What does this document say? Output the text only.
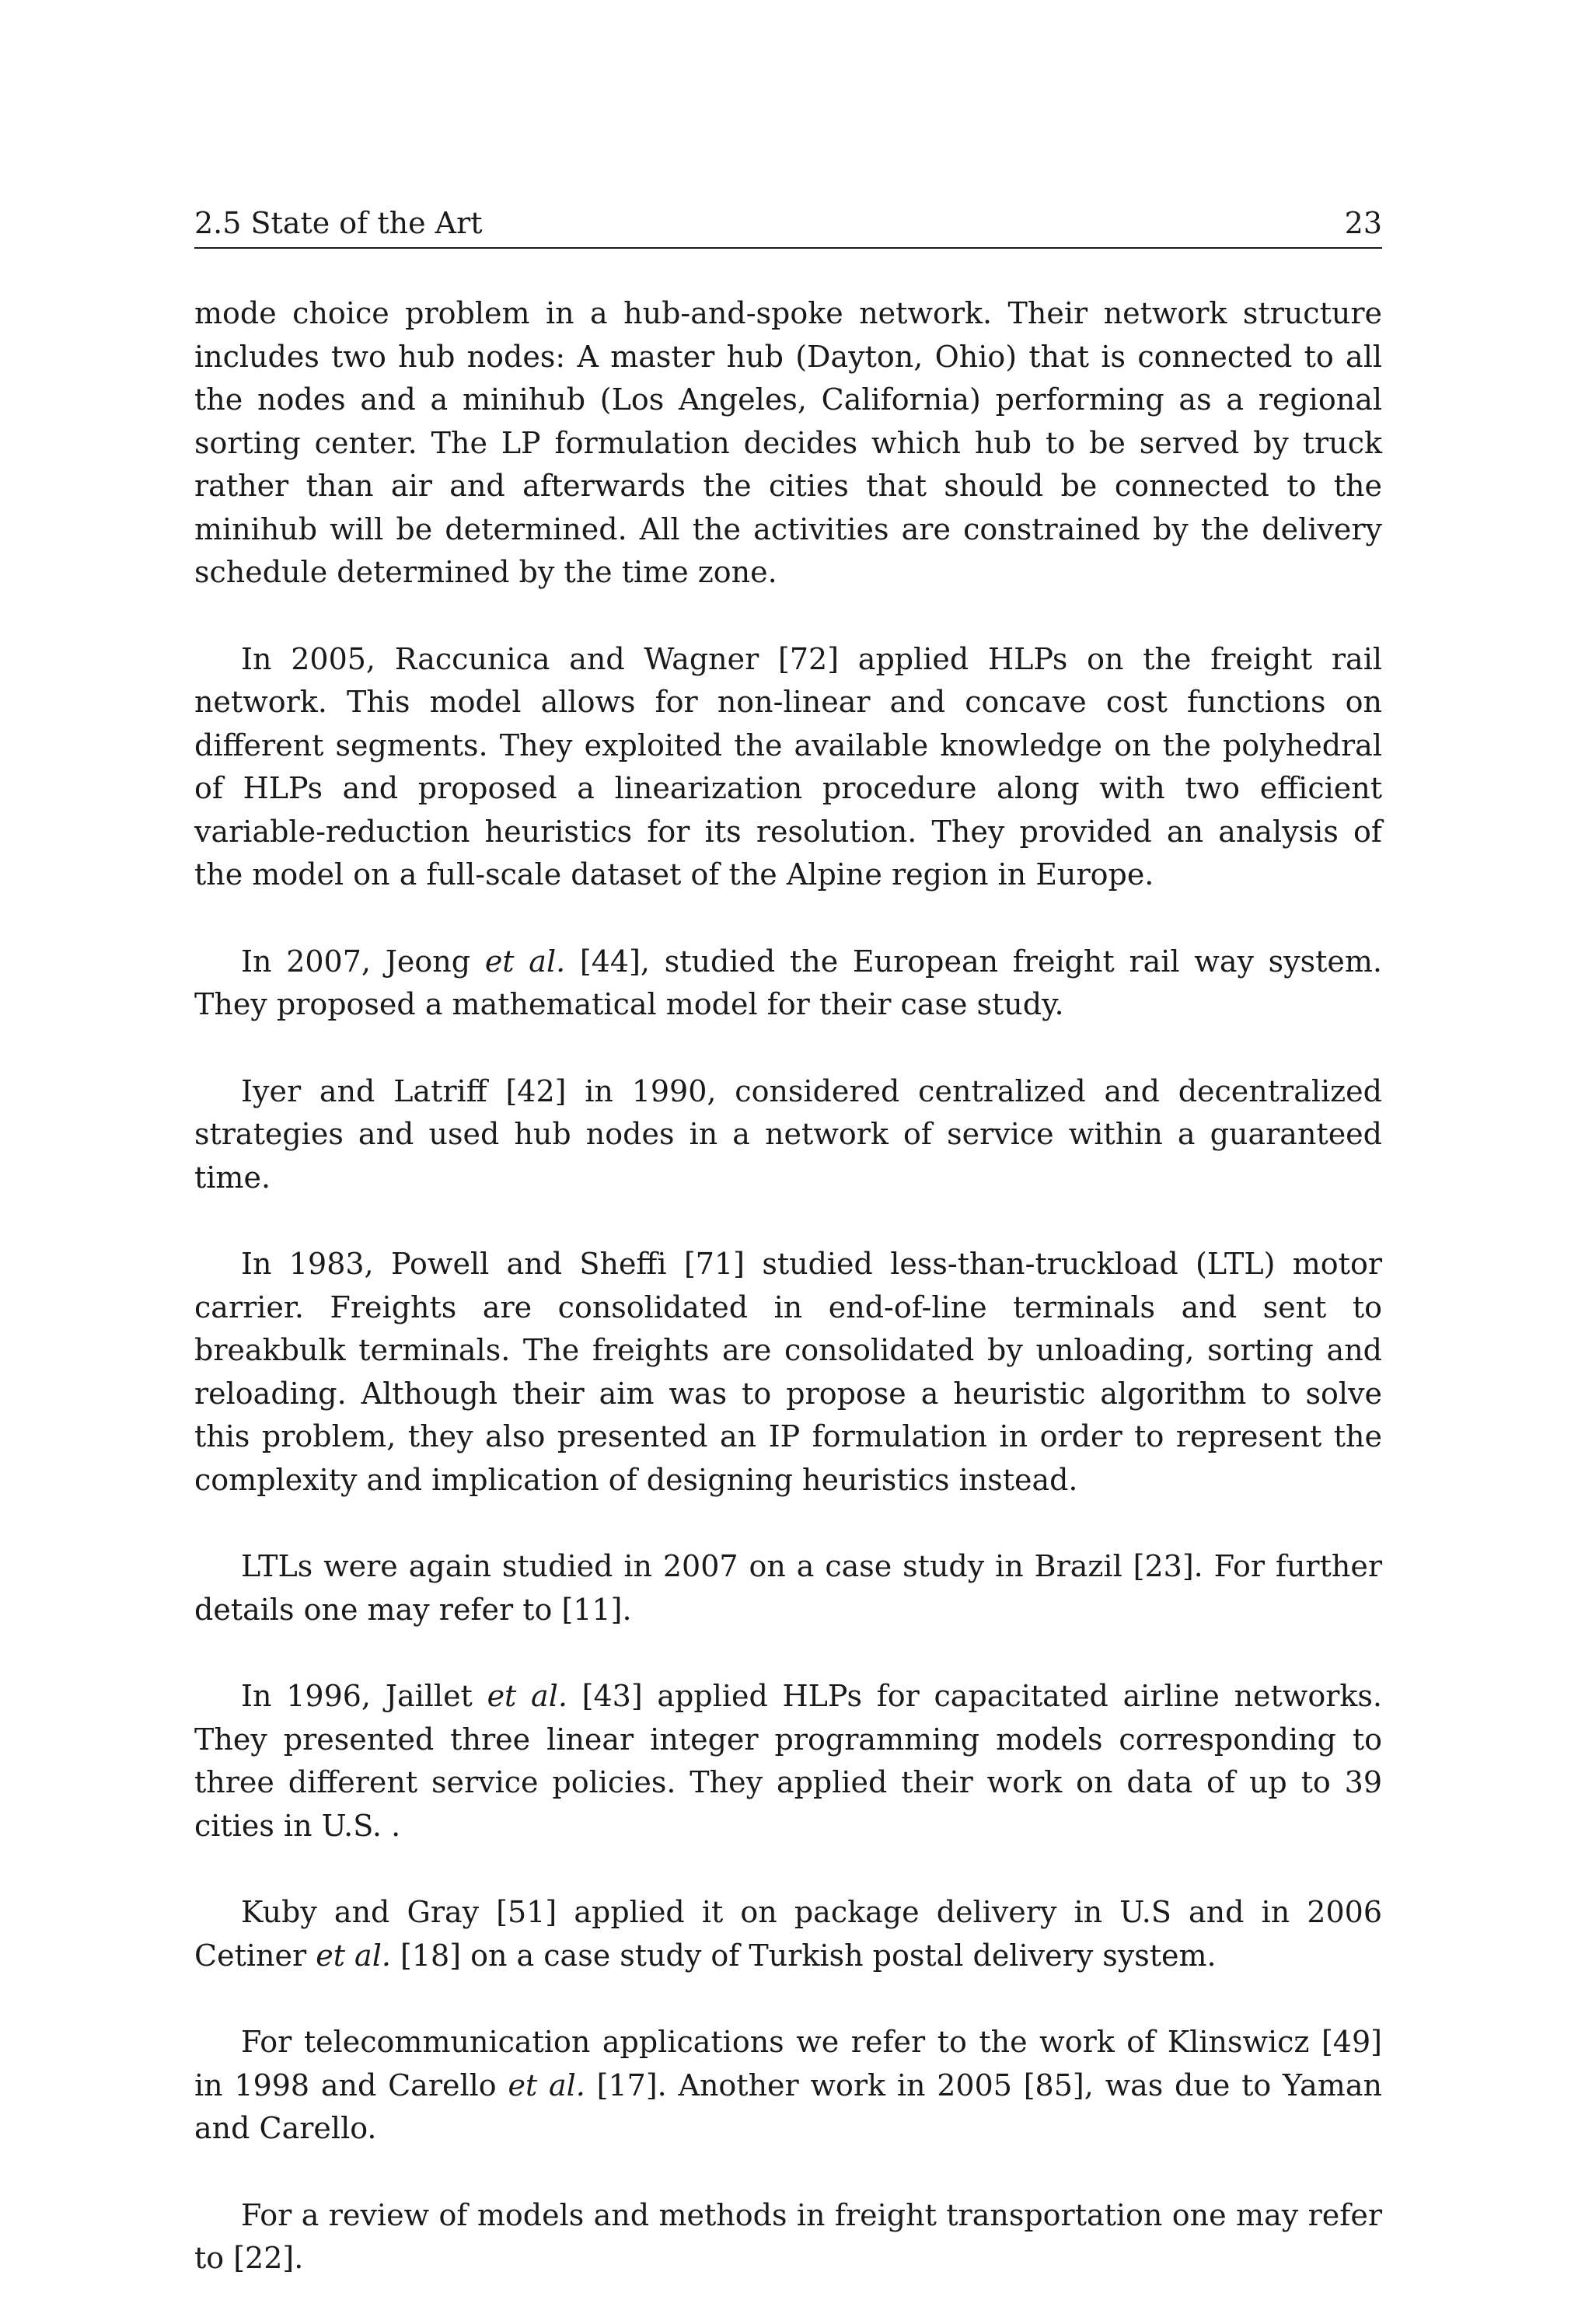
2.5 State of the Art	23

mode choice problem in a hub-and-spoke network. Their network structure includes two hub nodes: A master hub (Dayton, Ohio) that is connected to all the nodes and a minihub (Los Angeles, California) performing as a regional sorting center. The LP formulation decides which hub to be served by truck rather than air and afterwards the cities that should be connected to the minihub will be determined. All the activities are constrained by the delivery schedule determined by the time zone.

In 2005, Raccunica and Wagner [72] applied HLPs on the freight rail network. This model allows for non-linear and concave cost functions on different segments. They exploited the available knowledge on the polyhedral of HLPs and proposed a linearization procedure along with two efficient variable-reduction heuristics for its resolution. They provided an analysis of the model on a full-scale dataset of the Alpine region in Europe.

In 2007, Jeong et al. [44], studied the European freight rail way system. They proposed a mathematical model for their case study.

Iyer and Latriff [42] in 1990, considered centralized and decentralized strategies and used hub nodes in a network of service within a guaranteed time.

In 1983, Powell and Sheffi [71] studied less-than-truckload (LTL) motor carrier. Freights are consolidated in end-of-line terminals and sent to breakbulk terminals. The freights are consolidated by unloading, sorting and reloading. Although their aim was to propose a heuristic algorithm to solve this problem, they also presented an IP formulation in order to represent the complexity and implication of designing heuristics instead.

LTLs were again studied in 2007 on a case study in Brazil [23]. For further details one may refer to [11].

In 1996, Jaillet et al. [43] applied HLPs for capacitated airline networks. They presented three linear integer programming models corresponding to three different service policies. They applied their work on data of up to 39 cities in U.S. .

Kuby and Gray [51] applied it on package delivery in U.S and in 2006 Cetiner et al. [18] on a case study of Turkish postal delivery system.

For telecommunication applications we refer to the work of Klinswicz [49] in 1998 and Carello et al. [17]. Another work in 2005 [85], was due to Yaman and Carello.

For a review of models and methods in freight transportation one may refer to [22].
